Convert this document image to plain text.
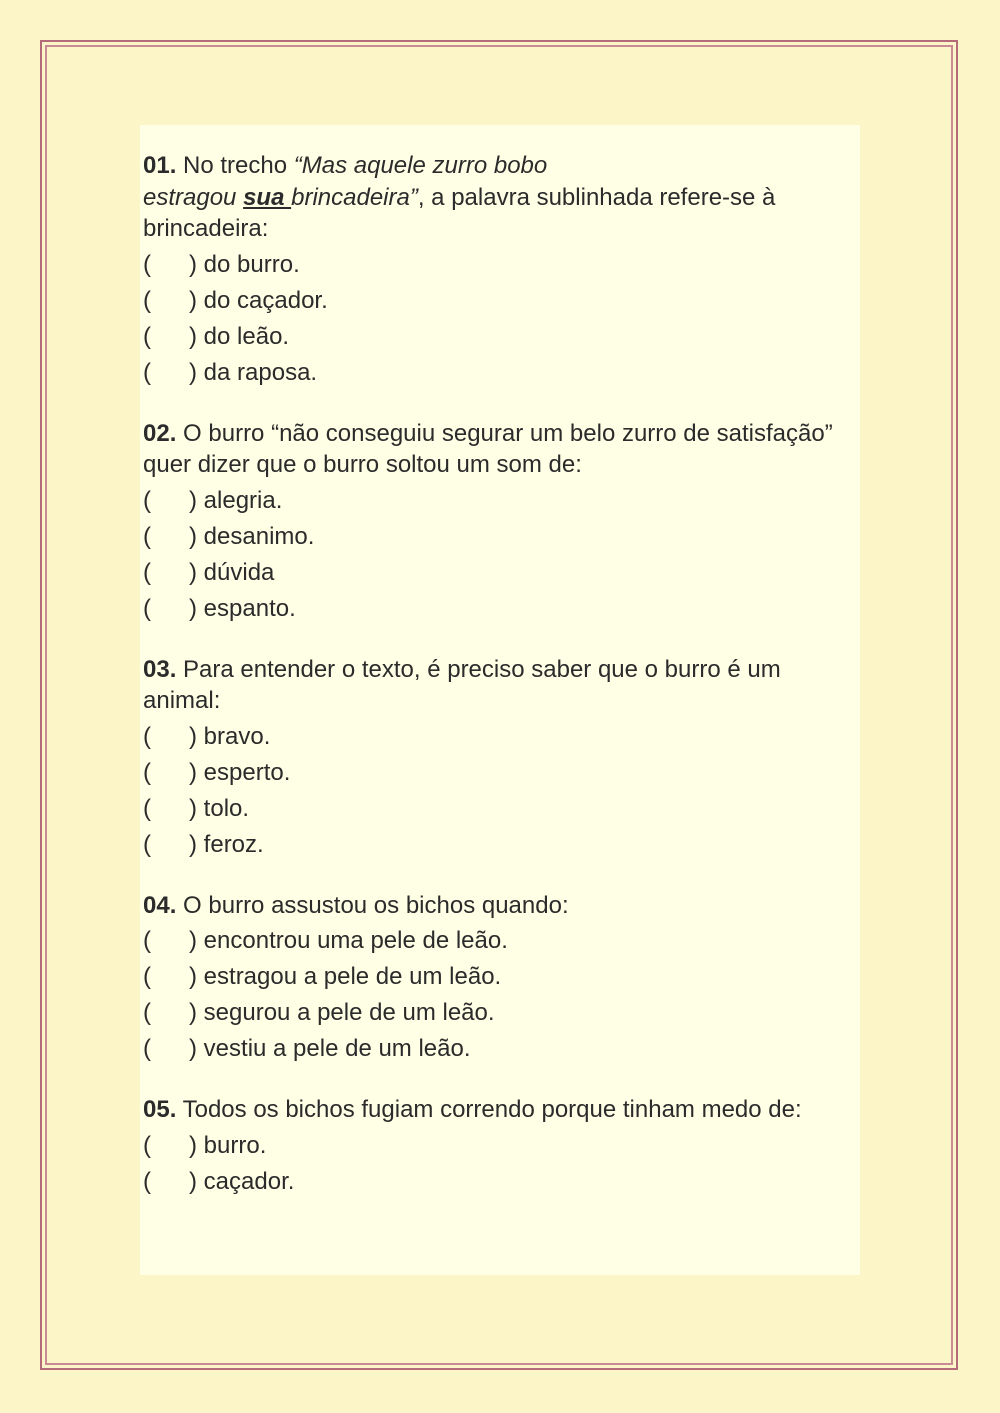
01. No trecho “Mas aquele zurro bobo
estragou sua brincadeira”, a palavra sublinhada refere-se à brincadeira:
( ) do burro.
( ) do caçador.
( ) do leão.
( ) da raposa.
02. O burro “não conseguiu segurar um belo zurro de satisfação” quer dizer que o burro soltou um som de:
( ) alegria.
( ) desanimo.
( ) dúvida
( ) espanto.
03. Para entender o texto, é preciso saber que o burro é um animal:
( ) bravo.
( ) esperto.
( ) tolo.
( ) feroz.
04. O burro assustou os bichos quando:
( ) encontrou uma pele de leão.
( ) estragou a pele de um leão.
( ) segurou a pele de um leão.
( ) vestiu a pele de um leão.
05. Todos os bichos fugiam correndo porque tinham medo de:
( ) burro.
( ) caçador.
